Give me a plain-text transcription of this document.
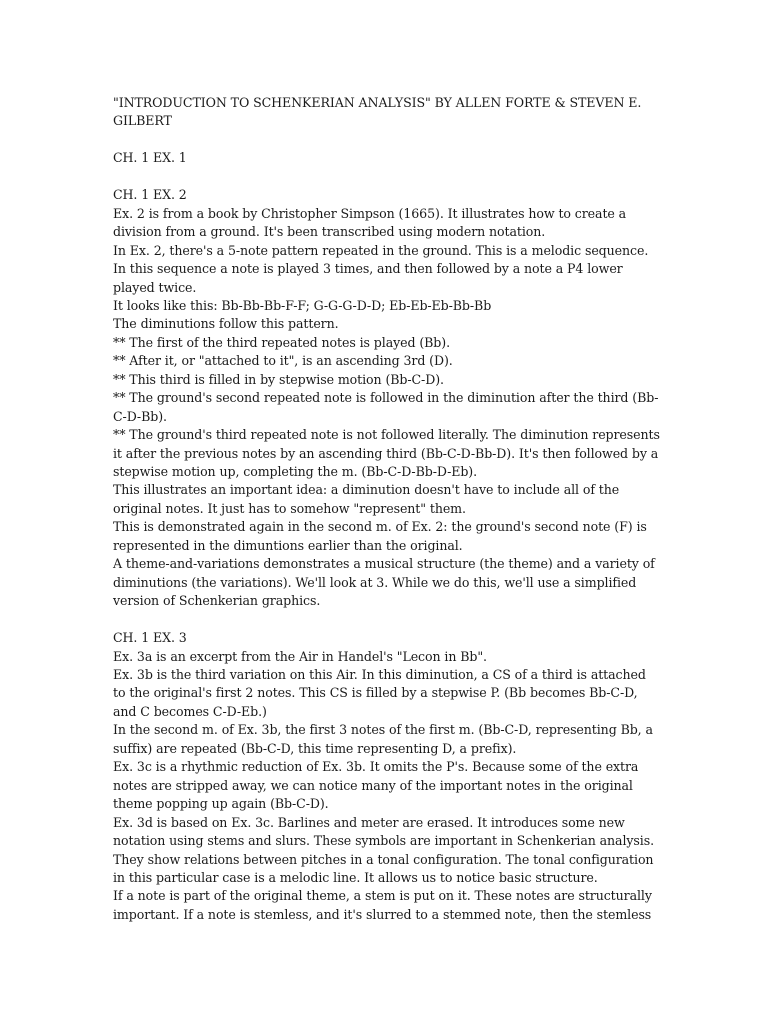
"INTRODUCTION TO SCHENKERIAN ANALYSIS" BY ALLEN FORTE & STEVEN E. GILBERT

CH. 1 EX. 1

CH. 1 EX. 2

Ex. 2 is from a book by Christopher Simpson (1665). It illustrates how to create a division from a ground. It's been transcribed using modern notation.

In Ex. 2, there's a 5-note pattern repeated in the ground. This is a melodic sequence. In this sequence a note is played 3 times, and then followed by a note a P4 lower played twice.

It looks like this: Bb-Bb-Bb-F-F; G-G-G-D-D; Eb-Eb-Eb-Bb-Bb

The diminutions follow this pattern.

** The first of the third repeated notes is played (Bb).

** After it, or "attached to it", is an ascending 3rd (D).

** This third is filled in by stepwise motion (Bb-C-D).

** The ground's second repeated note is followed in the diminution after the third (Bb-C-D-Bb).

** The ground's third repeated note is not followed literally. The diminution represents it after the previous notes by an ascending third (Bb-C-D-Bb-D). It's then followed by a stepwise motion up, completing the m. (Bb-C-D-Bb-D-Eb).

This illustrates an important idea: a diminution doesn't have to include all of the original notes. It just has to somehow "represent" them.

This is demonstrated again in the second m. of Ex. 2: the ground's second note (F) is represented in the dimuntions earlier than the original.

A theme-and-variations demonstrates a musical structure (the theme) and a variety of diminutions (the variations). We'll look at 3. While we do this, we'll use a simplified version of Schenkerian graphics.

CH. 1 EX. 3

Ex. 3a is an excerpt from the Air in Handel's "Lecon in Bb".

Ex. 3b is the third variation on this Air. In this diminution, a CS of a third is attached to the original's first 2 notes. This CS is filled by a stepwise P. (Bb becomes Bb-C-D, and C becomes C-D-Eb.)

In the second m. of Ex. 3b, the first 3 notes of the first m. (Bb-C-D, representing Bb, a suffix) are repeated (Bb-C-D, this time representing D, a prefix).

Ex. 3c is a rhythmic reduction of Ex. 3b. It omits the P's. Because some of the extra notes are stripped away, we can notice many of the important notes in the original theme popping up again (Bb-C-D).

Ex. 3d is based on Ex. 3c. Barlines and meter are erased. It introduces some new notation using stems and slurs. These symbols are important in Schenkerian analysis. They show relations between pitches in a tonal configuration. The tonal configuration in this particular case is a melodic line. It allows us to notice basic structure.

If a note is part of the original theme, a stem is put on it. These notes are structurally important. If a note is stemless, and it's slurred to a stemmed note, then the stemless
